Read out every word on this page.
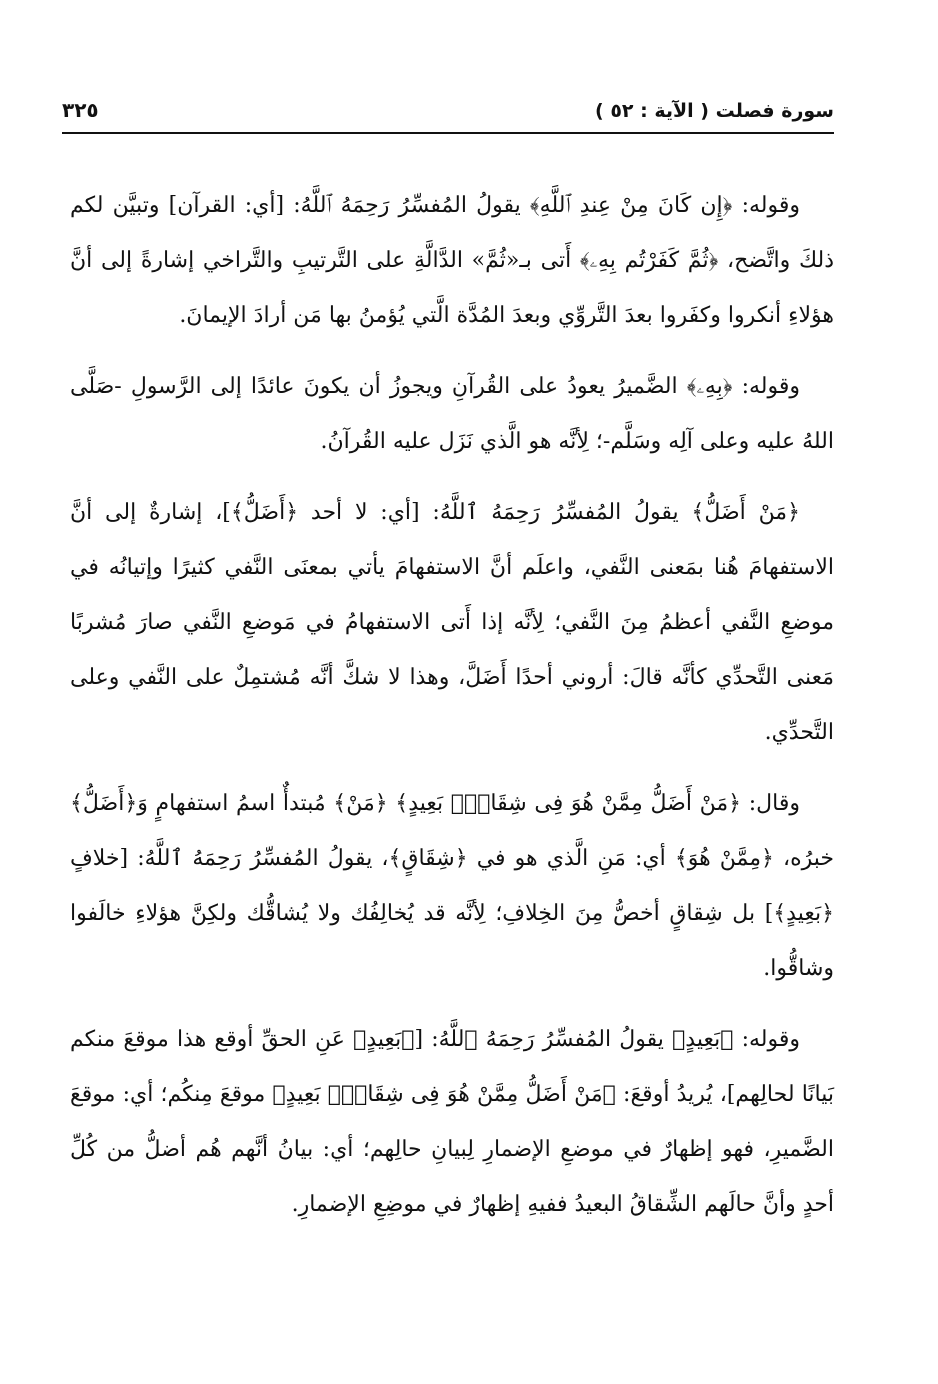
سورة فصلت ( الآية : ٥٢ )
٣٢٥

وقوله: ﴿إِن كَانَ مِنْ عِندِ ٱللَّهِ﴾ يقولُ المُفسِّرُ رَحِمَهُ ٱللَّهُ: [أي: القرآن] وتبيَّن لكم ذلكَ واتَّضح، ﴿ثُمَّ كَفَرْتُم بِهِۦ﴾ أَتى بـ«ثُمَّ» الدَّالَّةِ على التَّرتيبِ والتَّراخي إشارةً إلى أنَّ هؤلاءِ أنكروا وكفَروا بعدَ التَّروِّي وبعدَ المُدَّة الَّتي يُؤمنُ بها مَن أرادَ الإيمانَ.

وقوله: ﴿بِهِۦ﴾ الضَّميرُ يعودُ على القُرآنِ ويجوزُ أن يكونَ عائدًا إلى الرَّسولِ -صَلَّى اللهُ عليه وعلى آلِه وسَلَّم-؛ لِأنَّه هو الَّذي نَزَل عليه القُرآنُ.

﴿مَنْ أَضَلُّ﴾ يقولُ المُفسِّرُ رَحِمَهُ ٱللَّهُ: [أي: لا أحد ﴿أَضَلُّ﴾]، إشارةٌ إلى أنَّ الاستفهامَ هُنا بمَعنى النَّفي، واعلَم أنَّ الاستفهامَ يأتي بمعنَى النَّفي كثيرًا وإتيانُه في موضعِ النَّفي أعظمُ مِنَ النَّفي؛ لِأنَّه إذا أَتى الاستفهامُ في مَوضعِ النَّفي صارَ مُشربًا مَعنى التَّحدِّي كأنَّه قالَ: أروني أحدًا أَضَلَّ، وهذا لا شكَّ أنَّه مُشتمِلٌ على النَّفي وعلى التَّحدِّي.

وقال: ﴿مَنْ أَضَلُّ مِمَّنْ هُوَ فِى شِقَاقٍۭ بَعِيدٍ﴾ ﴿مَنْ﴾ مُبتدأٌ اسمُ استفهامٍ وَ﴿أَضَلُّ﴾ خبرُه، ﴿مِمَّنْ هُوَ﴾ أي: مَنِ الَّذي هو في ﴿شِقَاقٍ﴾، يقولُ المُفسِّرُ رَحِمَهُ ٱللَّهُ: [خلافٍ ﴿بَعِيدٍ﴾] بل شِقاقٍ أخصُّ مِنَ الخِلافِ؛ لِأنَّه قد يُخالِفُك ولا يُشاقُّك ولكِنَّ هؤلاءِ خالَفوا وشاقُّوا.

وقوله: ﴿بَعِيدٍ﴾ يقولُ المُفسِّرُ رَحِمَهُ ٱللَّهُ: [﴿بَعِيدٍ﴾ عَنِ الحقِّ أوقع هذا موقعَ منكم بَيانًا لحالِهم]، يُريدُ أوقعَ: ﴿مَنْ أَضَلُّ مِمَّنْ هُوَ فِى شِقَاقٍۭ بَعِيدٍ﴾ موقعَ مِنكُم؛ أي: موقعَ الضَّميرِ، فهو إظهارٌ في موضعِ الإضمارِ لِبيانِ حالِهم؛ أي: بيانُ أنَّهم هُم أضلُّ من كُلِّ أحدٍ وأنَّ حالَهم الشِّقاقُ البعيدُ ففيهِ إظهارٌ في موضِعِ الإضمارِ.
